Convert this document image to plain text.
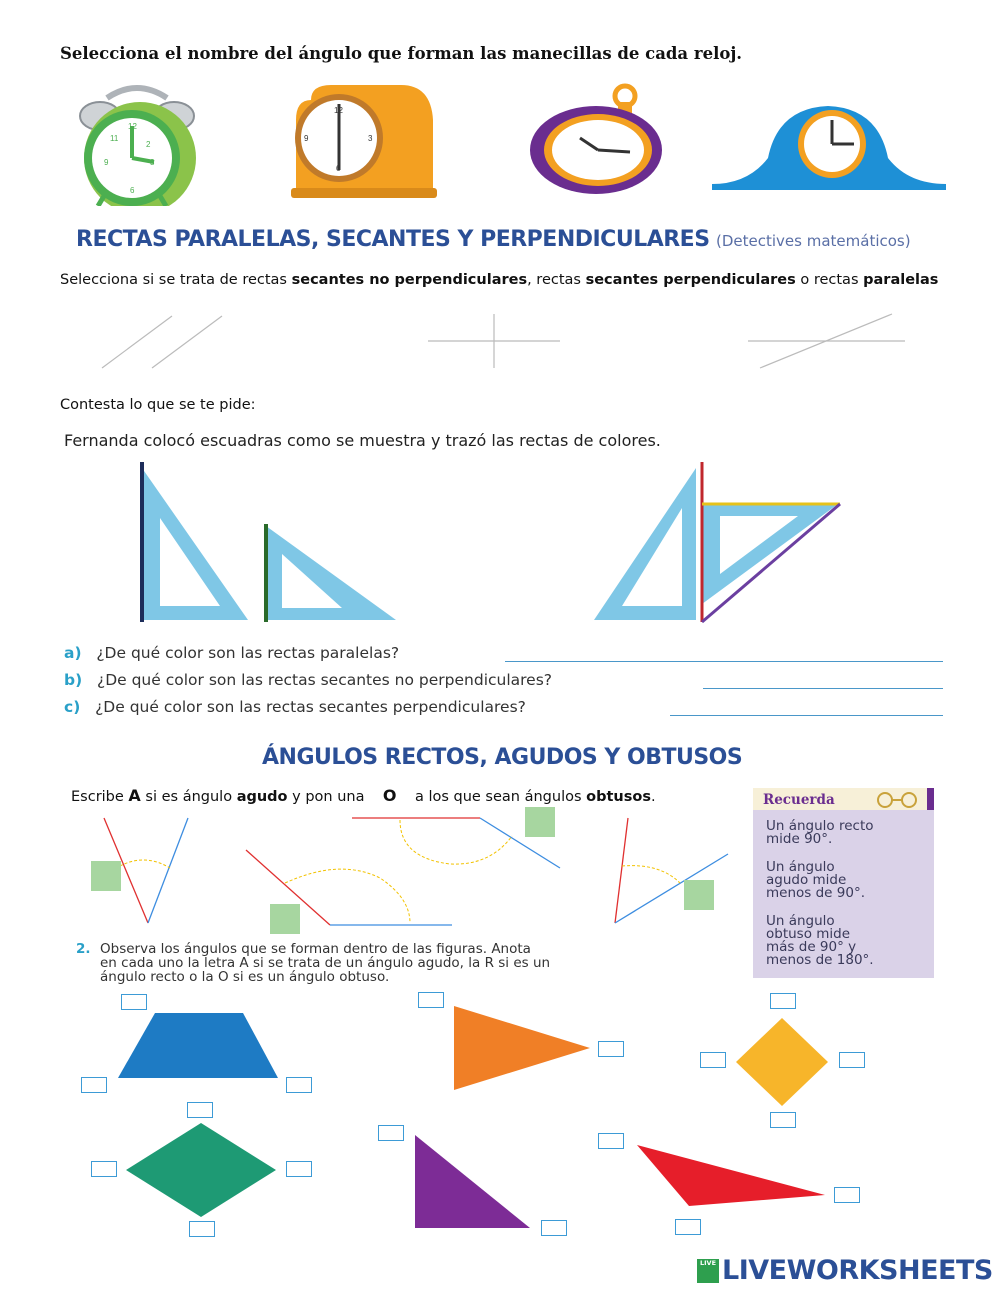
Selecciona el nombre del ángulo que forman las manecillas de cada reloj.
12
2
3
6
9
11
12
3
6
9
RECTAS PARALELAS, SECANTES Y PERPENDICULARES (Detectives matemáticos)
Selecciona si se trata de rectas secantes no perpendiculares, rectas secantes perpendiculares o rectas paralelas
Contesta lo que se te pide:
Fernanda colocó escuadras como se muestra y trazó las rectas de colores.
a) ¿De qué color son las rectas paralelas?
b) ¿De qué color son las rectas secantes no perpendiculares?
c) ¿De qué color son las rectas secantes perpendiculares?
ÁNGULOS RECTOS, AGUDOS Y OBTUSOS
Escribe A si es ángulo agudo y pon una    O    a los que sean ángulos obtusos.	Recuerda
Un ángulo recto
mide 90°.
Un ángulo
agudo mide
menos de 90°.
Un ángulo
obtuso mide
más de 90° y
menos de 180°.
2. Observa los ángulos que se forman dentro de las figuras. Anota
en cada uno la letra A si se trata de un ángulo agudo, la R si es un
ángulo recto o la O si es un ángulo obtuso.
LIVE LIVEWORKSHEETS
